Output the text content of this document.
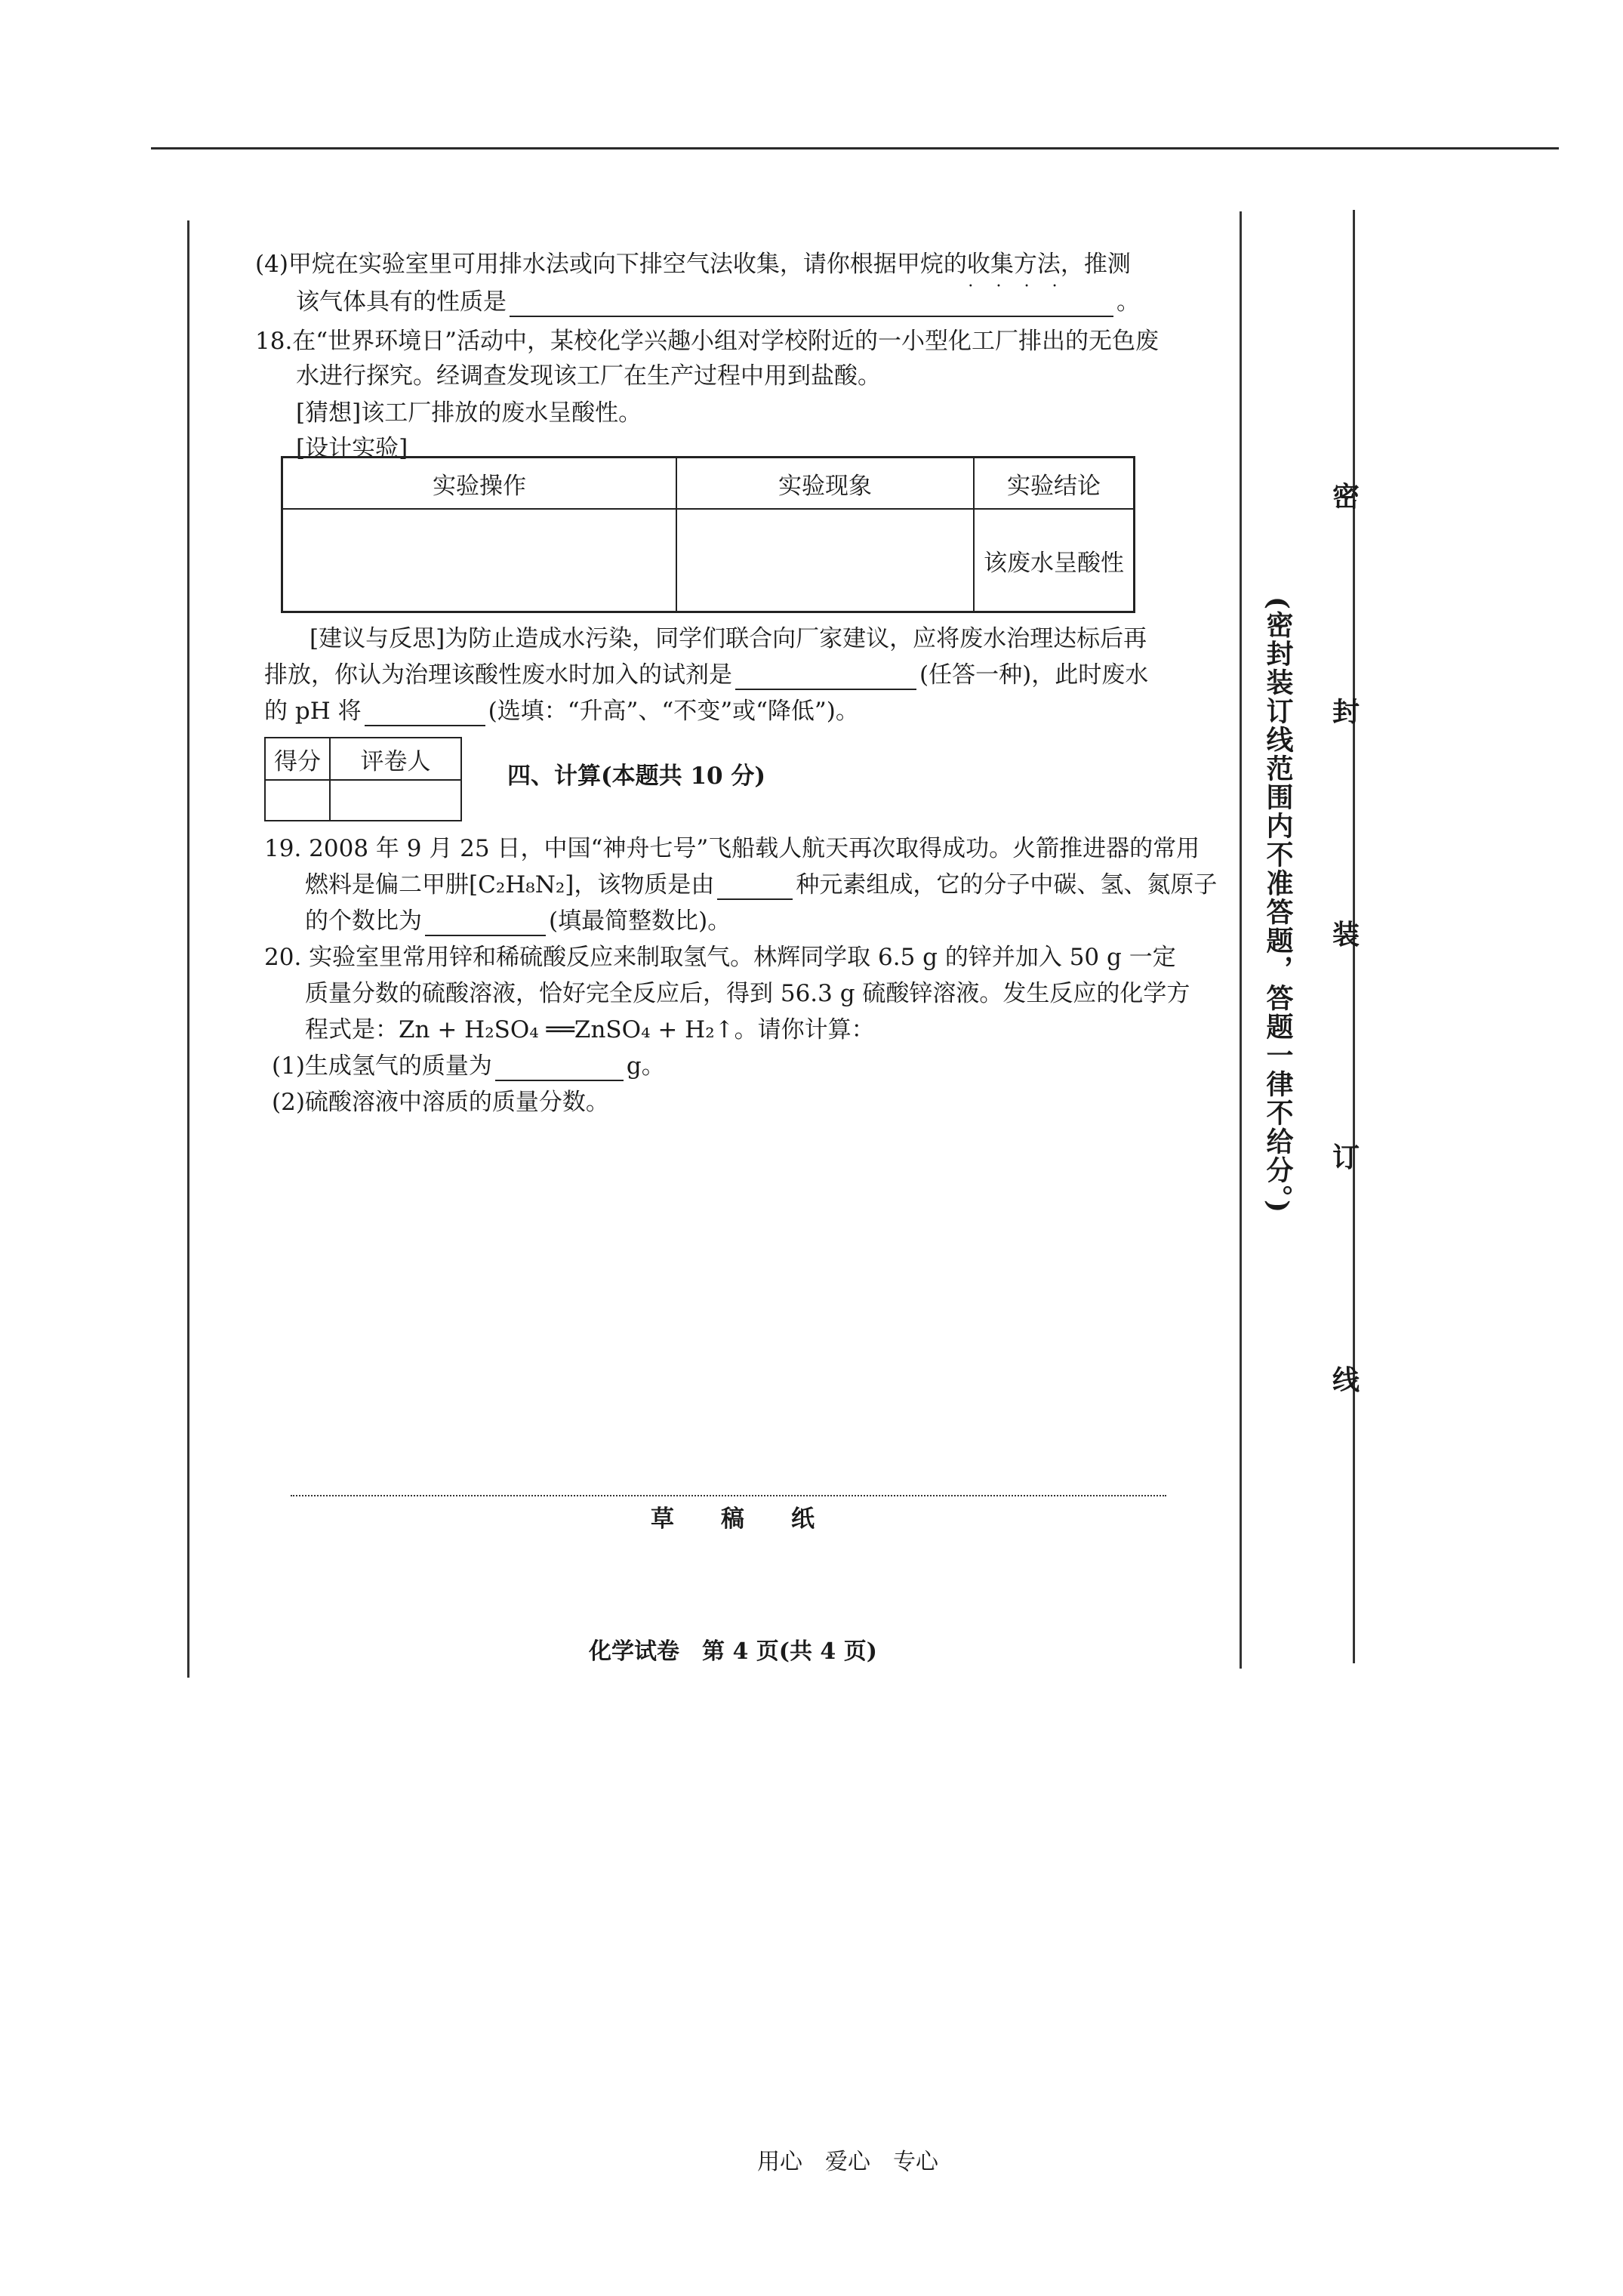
(4)甲烷在实验室里可用排水法或向下排空气法收集，请你根据甲烷的收集方法 • • • •，推测
该气体具有的性质是	。
18.在“世界环境日”活动中，某校化学兴趣小组对学校附近的一小型化工厂排出的无色废
水进行探究。经调查发现该工厂在生产过程中用到盐酸。
[猜想]该工厂排放的废水呈酸性。
[设计实验]
实验操作	实验现象	实验结论
		该废水呈酸性
[建议与反思]为防止造成水污染，同学们联合向厂家建议，应将废水治理达标后再
排放，你认为治理该酸性废水时加入的试剂是	(任答一种)，此时废水
的 pH 将	(选填：“升高”、“不变”或“降低”)。
得分	评卷人

四、计算(本题共 10 分)
19. 2008 年 9 月 25 日，中国“神舟七号”飞船载人航天再次取得成功。火箭推进器的常用
燃料是偏二甲肼[C₂H₈N₂]，该物质是由	种元素组成，它的分子中碳、氢、氮原子
的个数比为	(填最简整数比)。
20. 实验室里常用锌和稀硫酸反应来制取氢气。林辉同学取 6.5 g 的锌并加入 50 g 一定
质量分数的硫酸溶液，恰好完全反应后，得到 56.3 g 硫酸锌溶液。发生反应的化学方
程式是：Zn + H₂SO₄ ══ZnSO₄ + H₂↑。请你计算：
(1)生成氢气的质量为	g。
(2)硫酸溶液中溶质的质量分数。
草　　稿　　纸
化学试卷　第 4 页(共 4 页)
(密封装订线范围内不准答题，答题一律不给分。)
密
封
装
订
线
用心　爱心　专心
